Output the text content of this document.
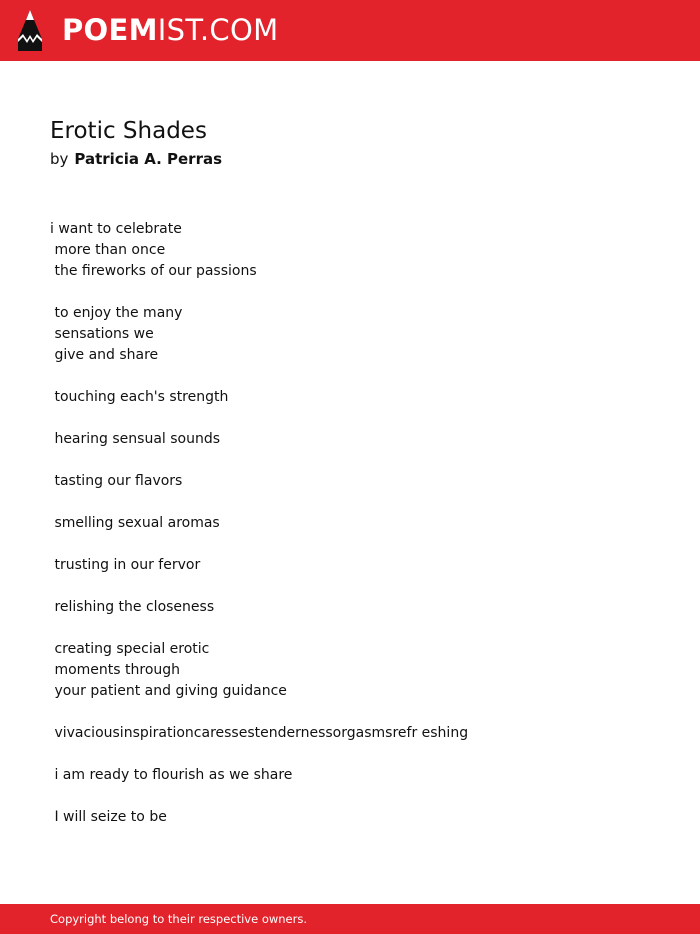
POEMIST.COM
Erotic Shades
by Patricia A. Perras
i want to celebrate
more than once
the fireworks of our passions
to enjoy the many
sensations we
give and share
touching each's strength
hearing sensual sounds
tasting our flavors
smelling sexual aromas
trusting in our fervor
relishing the closeness
creating special erotic
moments through
your patient and giving guidance
vivaciousinspirationcaressestendernessorgasmsrefr eshing
i am ready to flourish as we share
I will seize to be
Copyright belong to their respective owners.
